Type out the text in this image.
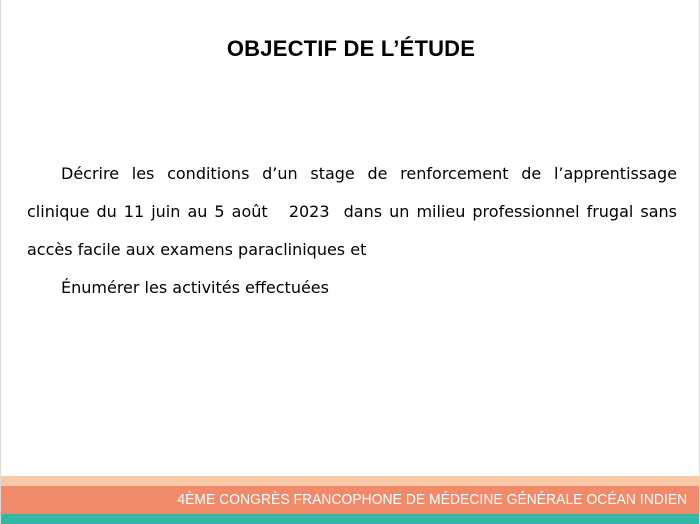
OBJECTIF DE L’ÉTUDE

Décrire les conditions d’un stage de renforcement de l’apprentissage clinique du 11 juin au 5 août   2023  dans un milieu professionnel frugal sans accès facile aux examens paracliniques et

Énumérer les activités effectuées

4ÈME CONGRÈS FRANCOPHONE DE MÉDECINE GÉNÉRALE OCÉAN INDIEN
